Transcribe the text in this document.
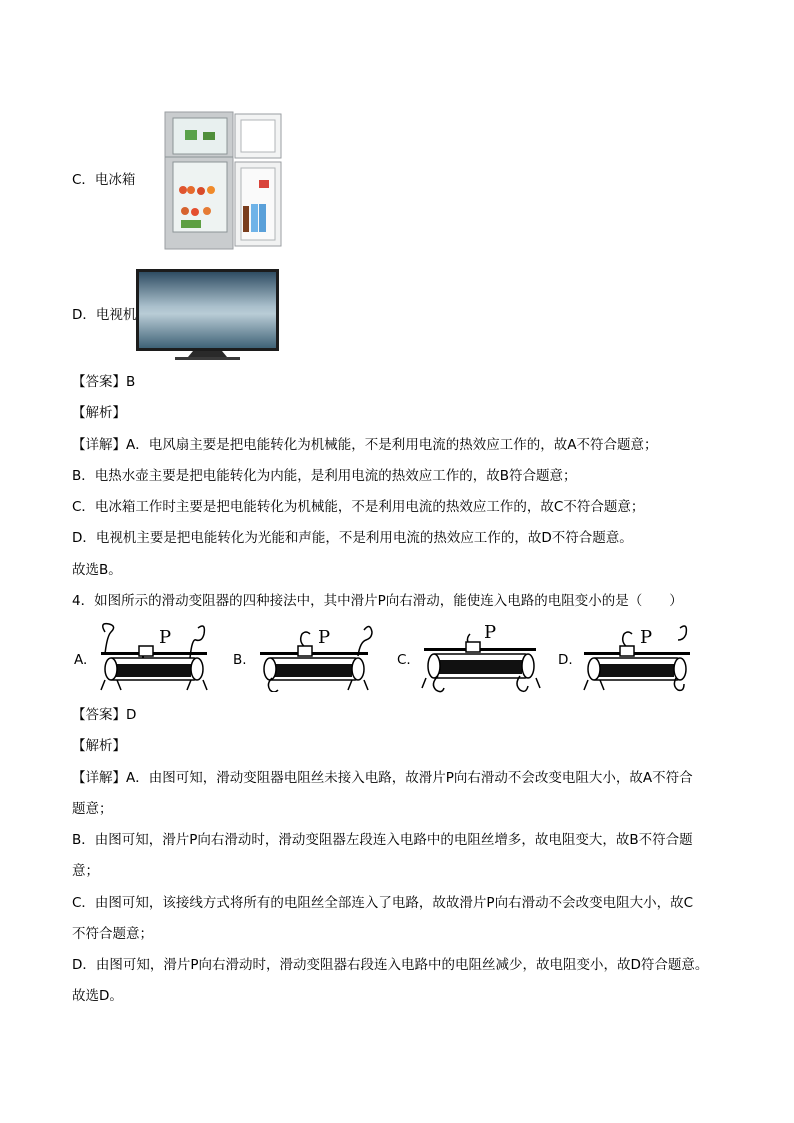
C．电冰箱
D．电视机
【答案】B
【解析】
【详解】A．电风扇主要是把电能转化为机械能，不是利用电流的热效应工作的，故A不符合题意；
B．电热水壶主要是把电能转化为内能，是利用电流的热效应工作的，故B符合题意；
C．电冰箱工作时主要是把电能转化为机械能，不是利用电流的热效应工作的，故C不符合题意；
D．电视机主要是把电能转化为光能和声能，不是利用电流的热效应工作的，故D不符合题意。
故选B。
4．如图所示的滑动变阻器的四种接法中，其中滑片P向右滑动，能使连入电路的电阻变小的是（　　）
A.	B.	C.	D.
P	P	P	P
【答案】D
【解析】
【详解】A．由图可知，滑动变阻器电阻丝未接入电路，故滑片P向右滑动不会改变电阻大小，故A不符合
题意；
B．由图可知，滑片P向右滑动时，滑动变阻器左段连入电路中的电阻丝增多，故电阻变大，故B不符合题
意；
C．由图可知，该接线方式将所有的电阻丝全部连入了电路，故故滑片P向右滑动不会改变电阻大小，故C
不符合题意；
D．由图可知，滑片P向右滑动时，滑动变阻器右段连入电路中的电阻丝减少，故电阻变小，故D符合题意。
故选D。
